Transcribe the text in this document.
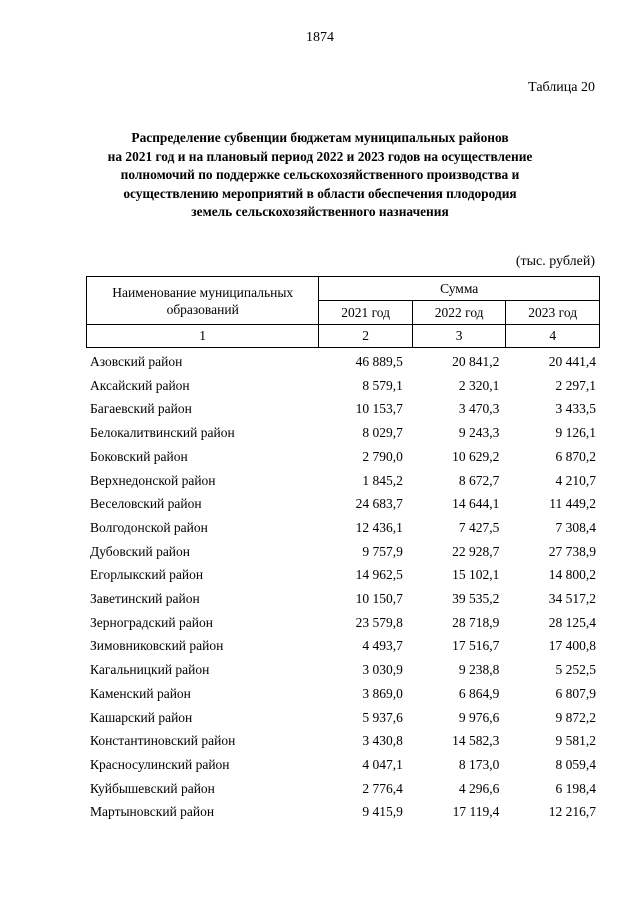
1874
Таблица 20
Распределение субвенции бюджетам муниципальных районов
на 2021 год и на плановый период 2022 и 2023 годов на осуществление
полномочий по поддержке сельскохозяйственного производства и
осуществлению мероприятий в области обеспечения плодородия
земель сельскохозяйственного назначения
(тыс. рублей)
Наименование муниципальных образований	Сумма		
	2021 год	2022 год	2023 год
1	2	3	4
Азовский район	46 889,5	20 841,2	20 441,4
Аксайский район	8 579,1	2 320,1	2 297,1
Багаевский район	10 153,7	3 470,3	3 433,5
Белокалитвинский район	8 029,7	9 243,3	9 126,1
Боковский район	2 790,0	10 629,2	6 870,2
Верхнедонской район	1 845,2	8 672,7	4 210,7
Веселовский район	24 683,7	14 644,1	11 449,2
Волгодонской район	12 436,1	7 427,5	7 308,4
Дубовский район	9 757,9	22 928,7	27 738,9
Егорлыкский район	14 962,5	15 102,1	14 800,2
Заветинский район	10 150,7	39 535,2	34 517,2
Зерноградский район	23 579,8	28 718,9	28 125,4
Зимовниковский район	4 493,7	17 516,7	17 400,8
Кагальницкий район	3 030,9	9 238,8	5 252,5
Каменский район	3 869,0	6 864,9	6 807,9
Кашарский район	5 937,6	9 976,6	9 872,2
Константиновский район	3 430,8	14 582,3	9 581,2
Красносулинский район	4 047,1	8 173,0	8 059,4
Куйбышевский район	2 776,4	4 296,6	6 198,4
Мартыновский район	9 415,9	17 119,4	12 216,7
